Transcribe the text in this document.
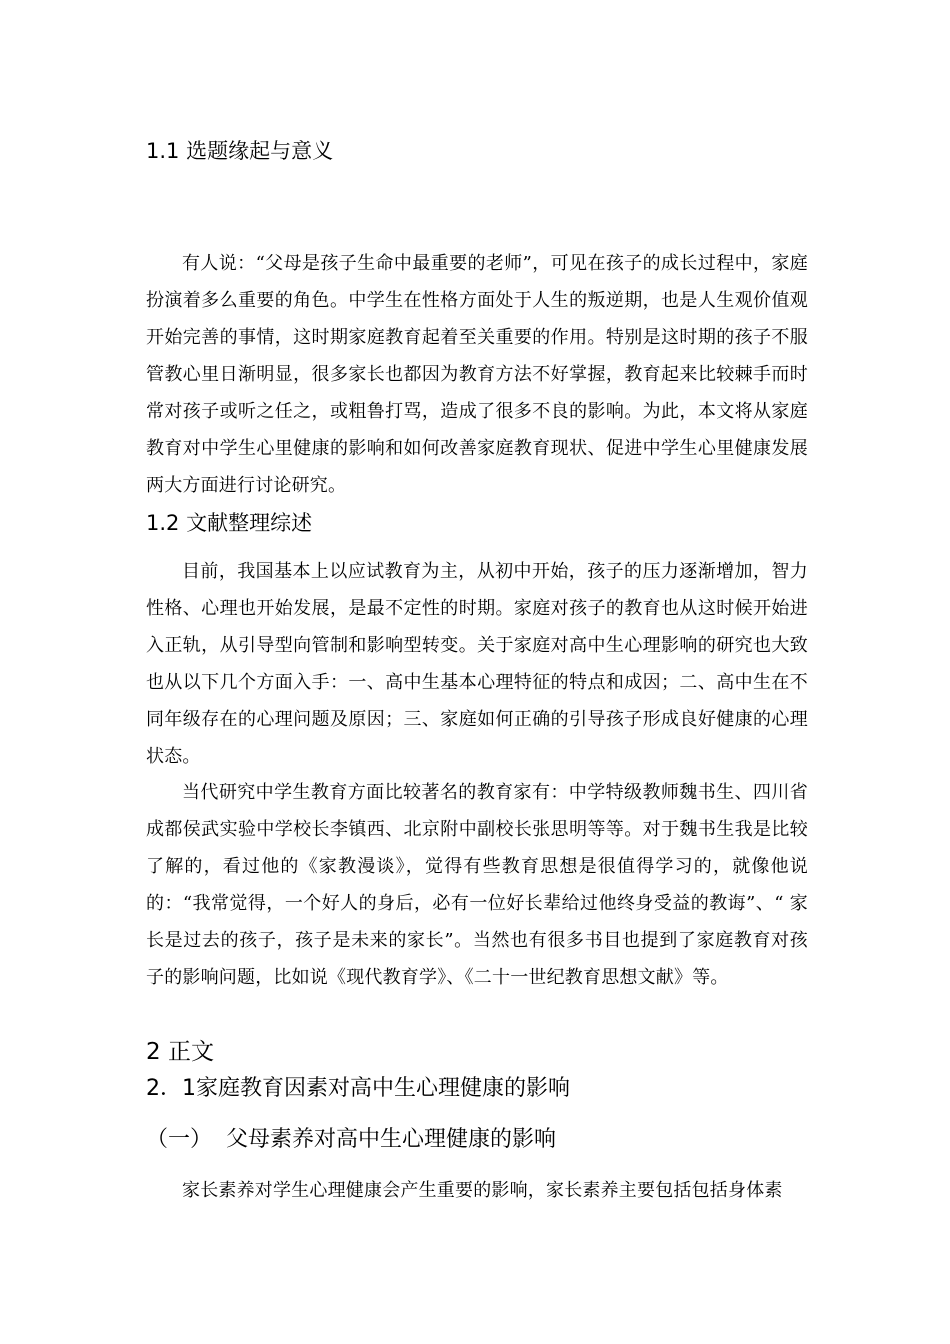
1.1 选题缘起与意义

有人说：“父母是孩子生命中最重要的老师”，可见在孩子的成长过程中，家庭扮演着多么重要的角色。中学生在性格方面处于人生的叛逆期，也是人生观价值观开始完善的事情，这时期家庭教育起着至关重要的作用。特别是这时期的孩子不服管教心里日渐明显，很多家长也都因为教育方法不好掌握，教育起来比较棘手而时常对孩子或听之任之，或粗鲁打骂，造成了很多不良的影响。为此，本文将从家庭教育对中学生心里健康的影响和如何改善家庭教育现状、促进中学生心里健康发展两大方面进行讨论研究。

1.2 文献整理综述

目前，我国基本上以应试教育为主，从初中开始，孩子的压力逐渐增加，智力性格、心理也开始发展，是最不定性的时期。家庭对孩子的教育也从这时候开始进入正轨，从引导型向管制和影响型转变。关于家庭对高中生心理影响的研究也大致也从以下几个方面入手：一、高中生基本心理特征的特点和成因；二、高中生在不同年级存在的心理问题及原因；三、家庭如何正确的引导孩子形成良好健康的心理状态。

当代研究中学生教育方面比较著名的教育家有：中学特级教师魏书生、四川省成都侯武实验中学校长李镇西、北京附中副校长张思明等等。对于魏书生我是比较了解的，看过他的《家教漫谈》，觉得有些教育思想是很值得学习的，就像他说的：“我常觉得，一个好人的身后，必有一位好长辈给过他终身受益的教诲”、“ 家长是过去的孩子，孩子是未来的家长”。当然也有很多书目也提到了家庭教育对孩子的影响问题，比如说《现代教育学》、《二十一世纪教育思想文献》等。

2 正文
2．1家庭教育因素对高中生心理健康的影响
（一）  父母素养对高中生心理健康的影响

家长素养对学生心理健康会产生重要的影响，家长素养主要包括包括身体素
